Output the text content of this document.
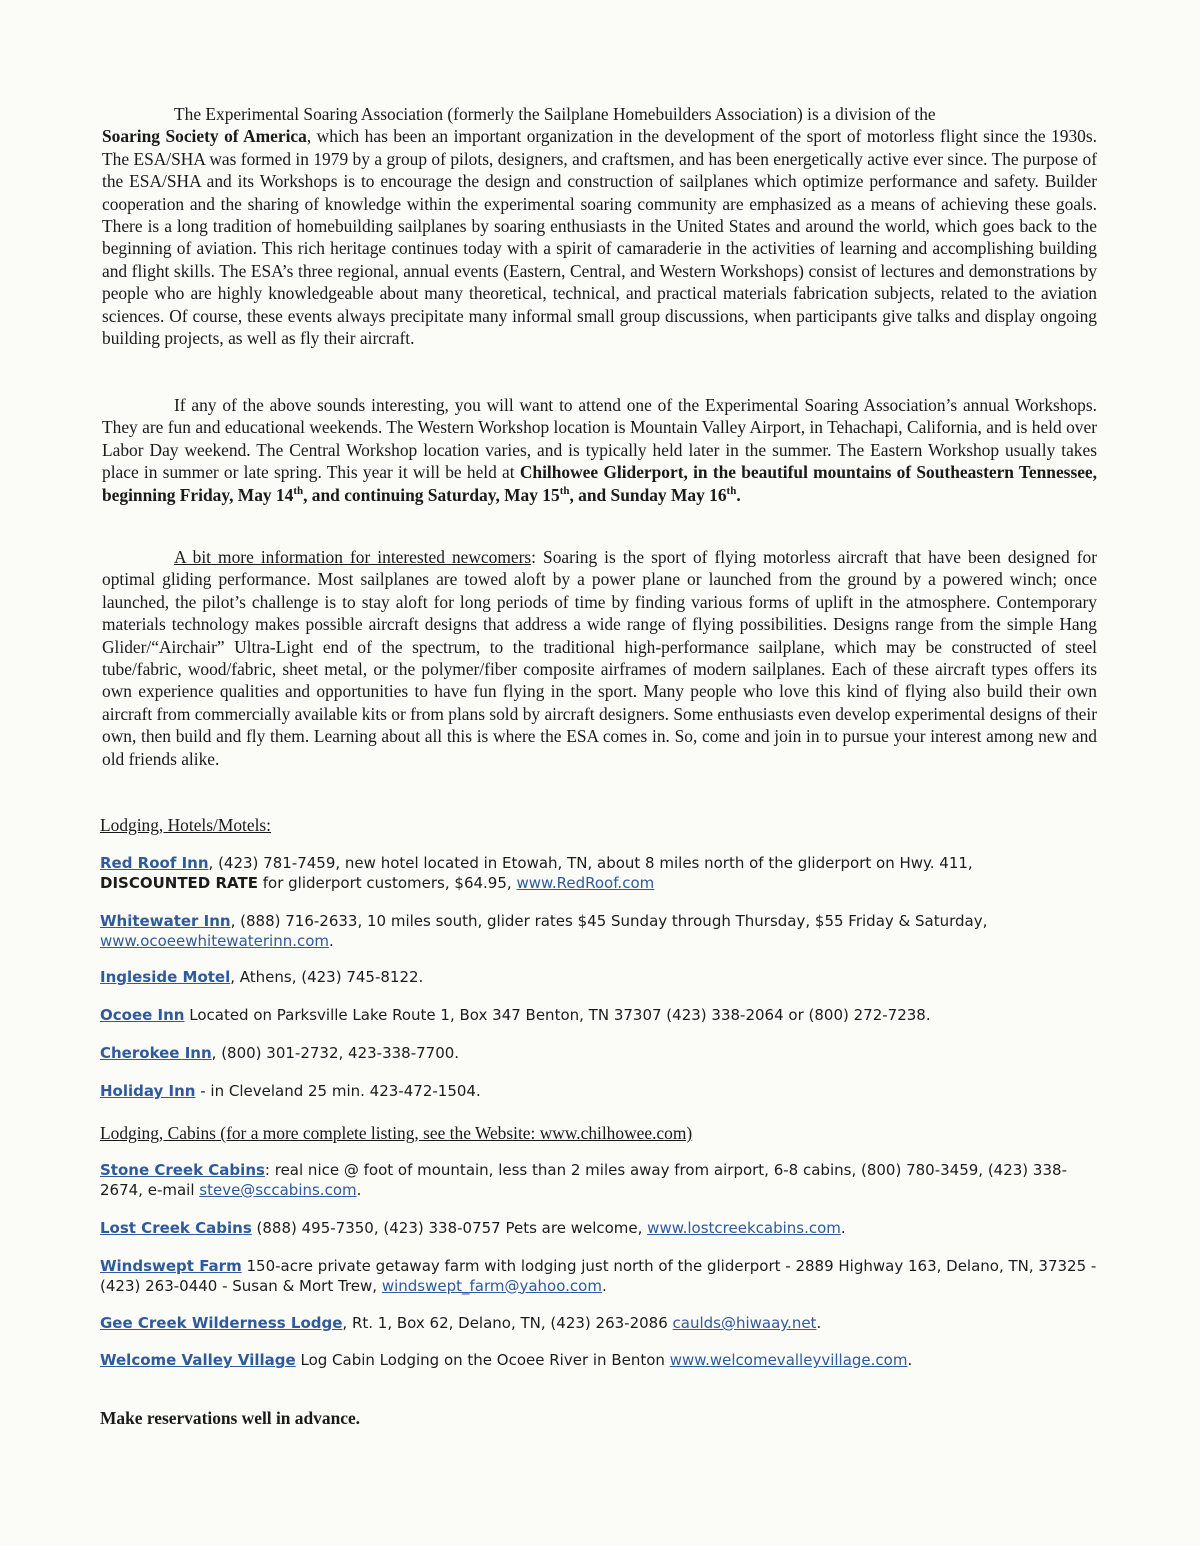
The Experimental Soaring Association (formerly the Sailplane Homebuilders Association) is a division of the
Soaring Society of America, which has been an important organization in the development of the sport of motorless flight since the 1930s. The ESA/SHA was formed in 1979 by a group of pilots, designers, and craftsmen, and has been energetically active ever since. The purpose of the ESA/SHA and its Workshops is to encourage the design and construction of sailplanes which optimize performance and safety. Builder cooperation and the sharing of knowledge within the experimental soaring community are emphasized as a means of achieving these goals. There is a long tradition of homebuilding sailplanes by soaring enthusiasts in the United States and around the world, which goes back to the beginning of aviation. This rich heritage continues today with a spirit of camaraderie in the activities of learning and accomplishing building and flight skills. The ESA’s three regional, annual events (Eastern, Central, and Western Workshops) consist of lectures and demonstrations by people who are highly knowledgeable about many theoretical, technical, and practical materials fabrication subjects, related to the aviation sciences. Of course, these events always precipitate many informal small group discussions, when participants give talks and display ongoing building projects, as well as fly their aircraft.

If any of the above sounds interesting, you will want to attend one of the Experimental Soaring Association’s annual Workshops. They are fun and educational weekends. The Western Workshop location is Mountain Valley Airport, in Tehachapi, California, and is held over Labor Day weekend. The Central Workshop location varies, and is typically held later in the summer. The Eastern Workshop usually takes place in summer or late spring. This year it will be held at Chilhowee Gliderport, in the beautiful mountains of Southeastern Tennessee, beginning Friday, May 14th, and continuing Saturday, May 15th, and Sunday May 16th.

A bit more information for interested newcomers: Soaring is the sport of flying motorless aircraft that have been designed for optimal gliding performance. Most sailplanes are towed aloft by a power plane or launched from the ground by a powered winch; once launched, the pilot’s challenge is to stay aloft for long periods of time by finding various forms of uplift in the atmosphere. Contemporary materials technology makes possible aircraft designs that address a wide range of flying possibilities. Designs range from the simple Hang Glider/“Airchair” Ultra-Light end of the spectrum, to the traditional high-performance sailplane, which may be constructed of steel tube/fabric, wood/fabric, sheet metal, or the polymer/fiber composite airframes of modern sailplanes. Each of these aircraft types offers its own experience qualities and opportunities to have fun flying in the sport. Many people who love this kind of flying also build their own aircraft from commercially available kits or from plans sold by aircraft designers. Some enthusiasts even develop experimental designs of their own, then build and fly them. Learning about all this is where the ESA comes in. So, come and join in to pursue your interest among new and old friends alike.

Lodging, Hotels/Motels:

Red Roof Inn, (423) 781-7459, new hotel located in Etowah, TN, about 8 miles north of the gliderport on Hwy. 411,
DISCOUNTED RATE for gliderport customers, $64.95, www.RedRoof.com

Whitewater Inn, (888) 716-2633, 10 miles south, glider rates $45 Sunday through Thursday, $55 Friday & Saturday,
www.ocoeewhitewaterinn.com.

Ingleside Motel, Athens, (423) 745-8122.

Ocoee Inn Located on Parksville Lake Route 1, Box 347 Benton, TN 37307 (423) 338-2064 or (800) 272-7238.

Cherokee Inn, (800) 301-2732, 423-338-7700.

Holiday Inn - in Cleveland 25 min. 423-472-1504.

Lodging, Cabins (for a more complete listing, see the Website: www.chilhowee.com)

Stone Creek Cabins: real nice @ foot of mountain, less than 2 miles away from airport, 6-8 cabins, (800) 780-3459, (423) 338-2674, e-mail steve@sccabins.com.

Lost Creek Cabins (888) 495-7350, (423) 338-0757 Pets are welcome, www.lostcreekcabins.com.

Windswept Farm 150-acre private getaway farm with lodging just north of the gliderport - 2889 Highway 163, Delano, TN, 37325 - (423) 263-0440 - Susan & Mort Trew, windswept_farm@yahoo.com.

Gee Creek Wilderness Lodge, Rt. 1, Box 62, Delano, TN, (423) 263-2086 caulds@hiwaay.net.

Welcome Valley Village Log Cabin Lodging on the Ocoee River in Benton www.welcomevalleyvillage.com.

Make reservations well in advance.
